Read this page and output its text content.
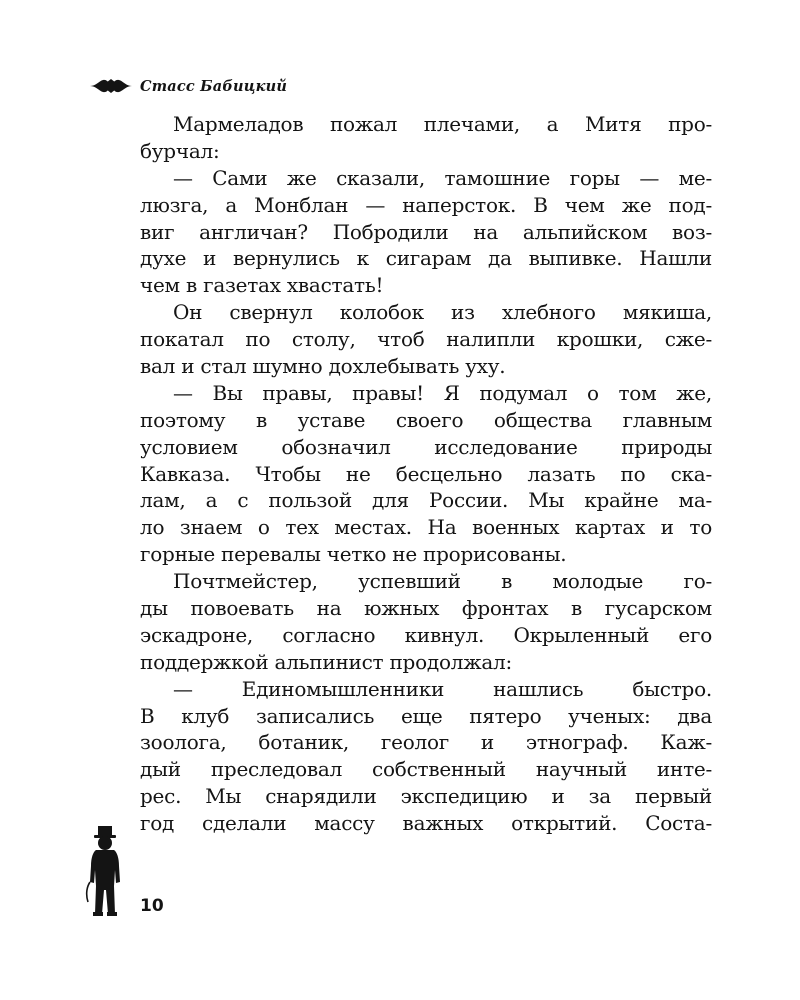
Стасс Бабицкий
Мармеладов пожал плечами, а Митя про-
бурчал:
— Сами же сказали, тамошние горы — ме-
люзга, а Монблан — наперсток. В чем же под-
виг англичан? Побродили на альпийском воз-
духе и вернулись к сигарам да выпивке. Нашли
чем в газетах хвастать!
Он свернул колобок из хлебного мякиша,
покатал по столу, чтоб налипли крошки, сже-
вал и стал шумно дохлебывать уху.
— Вы правы, правы! Я подумал о том же,
поэтому в уставе своего общества главным
условием обозначил исследование природы
Кавказа. Чтобы не бесцельно лазать по ска-
лам, а с пользой для России. Мы крайне ма-
ло знаем о тех местах. На военных картах и то
горные перевалы четко не прорисованы.
Почтмейстер, успевший в молодые го-
ды повоевать на южных фронтах в гусарском
эскадроне, согласно кивнул. Окрыленный его
поддержкой альпинист продолжал:
— Единомышленники нашлись быстро.
В клуб записались еще пятеро ученых: два
зоолога, ботаник, геолог и этнограф. Каж-
дый преследовал собственный научный инте-
рес. Мы снарядили экспедицию и за первый
год сделали массу важных открытий. Coста-
10
